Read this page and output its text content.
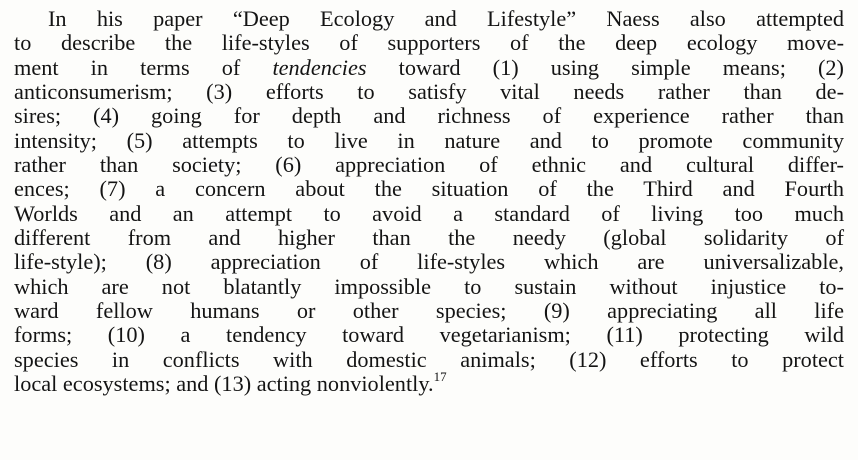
In his paper “Deep Ecology and Lifestyle” Naess also attempted
to describe the life-styles of supporters of the deep ecology move-
ment in terms of tendencies toward (1) using simple means; (2)
anticonsumerism; (3) efforts to satisfy vital needs rather than de-
sires; (4) going for depth and richness of experience rather than
intensity; (5) attempts to live in nature and to promote community
rather than society; (6) appreciation of ethnic and cultural differ-
ences; (7) a concern about the situation of the Third and Fourth
Worlds and an attempt to avoid a standard of living too much
different from and higher than the needy (global solidarity of
life-style); (8) appreciation of life-styles which are universalizable,
which are not blatantly impossible to sustain without injustice to-
ward fellow humans or other species; (9) appreciating all life
forms; (10) a tendency toward vegetarianism; (11) protecting wild
species in conflicts with domestic animals; (12) efforts to protect
local ecosystems; and (13) acting nonviolently.$^{17}$
